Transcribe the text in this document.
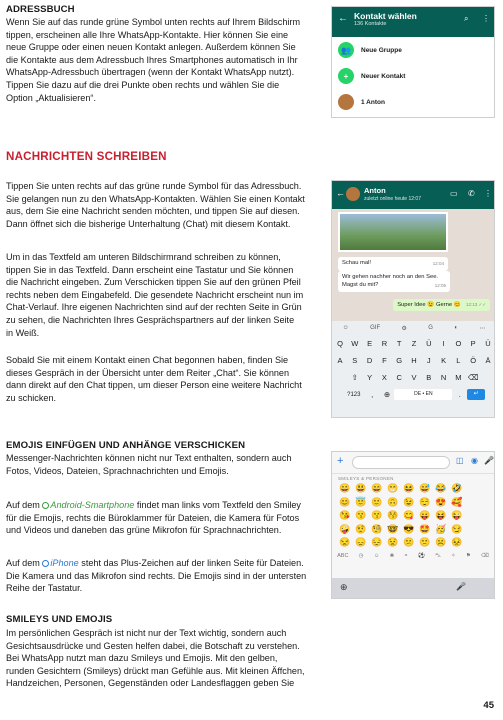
ADRESSBUCH

Wenn Sie auf das runde grüne Symbol unten rechts auf Ihrem Bildschirm

tippen, erscheinen alle Ihre WhatsApp-Kontakte. Hier können Sie eine

neue Gruppe oder einen neuen Kontakt anlegen. Außerdem können Sie

die Kontakte aus dem Adressbuch Ihres Smartphones automatisch in Ihr

WhatsApp-Adressbuch übertragen (wenn der Kontakt WhatsApp nutzt).

Tippen Sie dazu auf die drei Punkte oben rechts und wählen Sie die

Option „Aktualisieren“.

← Kontakt wählen
136 Kontakte
⌕ ⋮
👥	Neue Gruppe
+	Neuer Kontakt
1 Anton
NACHRICHTEN SCHREIBEN

Tippen Sie unten rechts auf das grüne runde Symbol für das Adressbuch.

Sie gelangen nun zu den WhatsApp-Kontakten. Wählen Sie einen Kontakt

aus, dem Sie eine Nachricht senden möchten, und tippen Sie auf diesen.

Dann öffnet sich die bisherige Unterhaltung (Chat) mit diesem Kontakt.

Um in das Textfeld am unteren Bildschirmrand schreiben zu können,

tippen Sie in das Textfeld. Dann erscheint eine Tastatur und Sie können

die Nachricht eingeben. Zum Verschicken tippen Sie auf den grünen Pfeil

rechts neben dem Eingabefeld. Die gesendete Nachricht erscheint nun im

Chat-Verlauf. Ihre eigenen Nachrichten sind auf der rechten Seite in Grün

zu sehen, die Nachrichten Ihres Gesprächspartners auf der linken Seite

in Weiß.

Sobald Sie mit einem Kontakt einen Chat begonnen haben, finden Sie

dieses Gespräch in der Übersicht unter dem Reiter „Chat“. Sie können

dann direkt auf den Chat tippen, um dieser Person eine weitere Nachricht

zu schicken.

←	Anton
zuletzt online heute 12:07
▭ ✆ ⋮
Schau mal!	12:04
Wir gehen nachher noch an den See.
Magst du mit?	12:05
Super Idee 😉 Gerne 😊 12:13 ✓✓
☺	GIF	⚙	G	◐	⋯
Q	W	E	R	T	Z	Ü	I	O	P	Ü
A	S	D	F	G	H	J	K	L	Ö	Ä
⇧	Y	X	C	V	B	N	M ⌫
?123	,	⊕	DE • EN	.	↵
EMOJIS EINFÜGEN UND ANHÄNGE VERSCHICKEN

Messenger-Nachrichten können nicht nur Text enthalten, sondern auch

Fotos, Videos, Dateien, Sprachnachrichten und Emojis.

Auf dem Android-Smartphone findet man links vom Textfeld den Smiley

für die Emojis, rechts die Büroklammer für Dateien, die Kamera für Fotos

und Videos und daneben das grüne Mikrofon für Sprachnachrichten.

Auf dem iPhone steht das Plus-Zeichen auf der linken Seite für Dateien.

Die Kamera und das Mikrofon sind rechts. Die Emojis sind in der untersten

Reihe der Tastatur.

+	◫ ◉ 🎤
SMILEYS & PERSONEN
😀 😃 😄 😁 😆 😅 😂 🤣
😊 😇 🙂 🙃 😉 😌 😍 🥰
😘 😗 😙 😚 😋 😛 😝 😜
🤪 🤨 🧐 🤓 😎 🤩 🥳 😏
😒 😞 😔 😟 😕 🙁 ☹️ 😣
ABC ◷ ☺ ❀ ◓ ⚽ ⛍ ✧ ⚑ ⌫
⊕	🎤
SMILEYS UND EMOJIS

Im persönlichen Gespräch ist nicht nur der Text wichtig, sondern auch

Gesichtsausdrücke und Gesten helfen dabei, die Botschaft zu verstehen.

Bei WhatsApp nutzt man dazu Smileys und Emojis. Mit den gelben,

runden Gesichtern (Smileys) drückt man Gefühle aus. Mit kleinen Äffchen,

Handzeichen, Personen, Gegenständen oder Landesflaggen geben Sie

45
